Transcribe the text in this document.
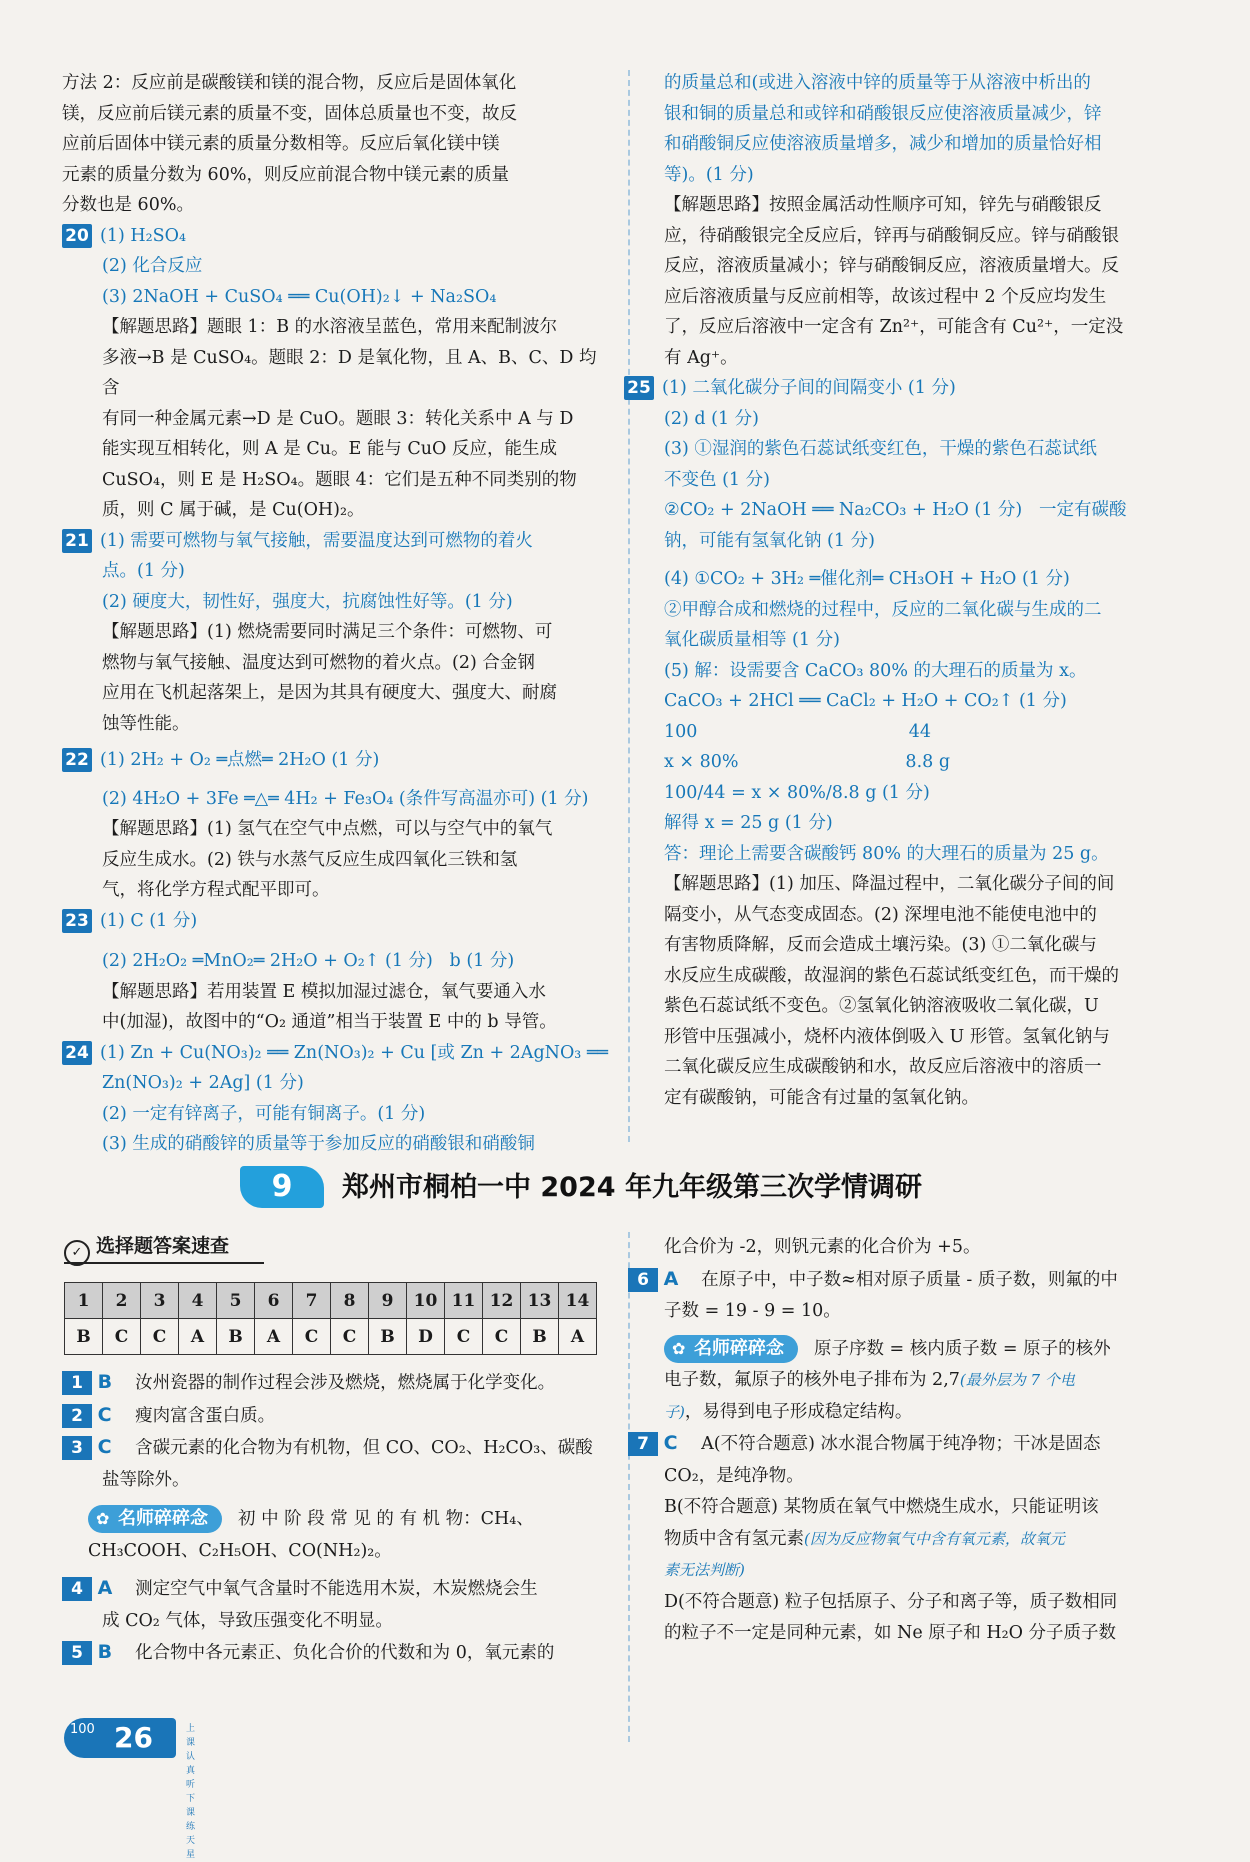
方法 2：反应前是碳酸镁和镁的混合物，反应后是固体氧化
镁，反应前后镁元素的质量不变，固体总质量也不变，故反
应前后固体中镁元素的质量分数相等。反应后氧化镁中镁
元素的质量分数为 60%，则反应前混合物中镁元素的质量
分数也是 60%。
20 (1) H₂SO₄
(2) 化合反应
(3) 2NaOH + CuSO₄ ══ Cu(OH)₂↓ + Na₂SO₄
【解题思路】题眼 1：B 的水溶液呈蓝色，常用来配制波尔
多液→B 是 CuSO₄。题眼 2：D 是氧化物，且 A、B、C、D 均含
有同一种金属元素→D 是 CuO。题眼 3：转化关系中 A 与 D
能实现互相转化，则 A 是 Cu。E 能与 CuO 反应，能生成
CuSO₄，则 E 是 H₂SO₄。题眼 4：它们是五种不同类别的物
质，则 C 属于碱，是 Cu(OH)₂。
21 (1) 需要可燃物与氧气接触，需要温度达到可燃物的着火
点。(1 分)
(2) 硬度大，韧性好，强度大，抗腐蚀性好等。(1 分)
【解题思路】(1) 燃烧需要同时满足三个条件：可燃物、可
燃物与氧气接触、温度达到可燃物的着火点。(2) 合金钢
应用在飞机起落架上，是因为其具有硬度大、强度大、耐腐
蚀等性能。
22 (1) 2H₂ + O₂ ═点燃═ 2H₂O (1 分)
(2) 4H₂O + 3Fe ═△═ 4H₂ + Fe₃O₄ (条件写高温亦可) (1 分)
【解题思路】(1) 氢气在空气中点燃，可以与空气中的氧气
反应生成水。(2) 铁与水蒸气反应生成四氧化三铁和氢
气，将化学方程式配平即可。
23 (1) C (1 分)
(2) 2H₂O₂ ═MnO₂═ 2H₂O + O₂↑ (1 分)   b (1 分)
【解题思路】若用装置 E 模拟加湿过滤仓，氧气要通入水
中(加湿)，故图中的“O₂ 通道”相当于装置 E 中的 b 导管。
24 (1) Zn + Cu(NO₃)₂ ══ Zn(NO₃)₂ + Cu [或 Zn + 2AgNO₃ ══
Zn(NO₃)₂ + 2Ag] (1 分)
(2) 一定有锌离子，可能有铜离子。(1 分)
(3) 生成的硝酸锌的质量等于参加反应的硝酸银和硝酸铜
的质量总和(或进入溶液中锌的质量等于从溶液中析出的
银和铜的质量总和或锌和硝酸银反应使溶液质量减少，锌
和硝酸铜反应使溶液质量增多，减少和增加的质量恰好相
等)。(1 分)
【解题思路】按照金属活动性顺序可知，锌先与硝酸银反
应，待硝酸银完全反应后，锌再与硝酸铜反应。锌与硝酸银
反应，溶液质量减小；锌与硝酸铜反应，溶液质量增大。反
应后溶液质量与反应前相等，故该过程中 2 个反应均发生
了，反应后溶液中一定含有 Zn²⁺，可能含有 Cu²⁺，一定没
有 Ag⁺。
25 (1) 二氧化碳分子间的间隔变小 (1 分)
(2) d (1 分)
(3) ①湿润的紫色石蕊试纸变红色，干燥的紫色石蕊试纸
不变色 (1 分)
②CO₂ + 2NaOH ══ Na₂CO₃ + H₂O (1 分)   一定有碳酸
钠，可能有氢氧化钠 (1 分)
(4) ①CO₂ + 3H₂ ═催化剂═ CH₃OH + H₂O (1 分)
②甲醇合成和燃烧的过程中，反应的二氧化碳与生成的二
氧化碳质量相等 (1 分)
(5) 解：设需要含 CaCO₃ 80% 的大理石的质量为 x。
CaCO₃ + 2HCl ══ CaCl₂ + H₂O + CO₂↑ (1 分)
100                                      44
x × 80%                              8.8 g
100/44 = x × 80%/8.8 g (1 分)
解得 x = 25 g (1 分)
答：理论上需要含碳酸钙 80% 的大理石的质量为 25 g。
【解题思路】(1) 加压、降温过程中，二氧化碳分子间的间
隔变小，从气态变成固态。(2) 深埋电池不能使电池中的
有害物质降解，反而会造成土壤污染。(3) ①二氧化碳与
水反应生成碳酸，故湿润的紫色石蕊试纸变红色，而干燥的
紫色石蕊试纸不变色。②氢氧化钠溶液吸收二氧化碳，U
形管中压强减小，烧杯内液体倒吸入 U 形管。氢氧化钠与
二氧化碳反应生成碳酸钠和水，故反应后溶液中的溶质一
定有碳酸钠，可能含有过量的氢氧化钠。
9	郑州市桐柏一中 2024 年九年级第三次学情调研
✓ 选择题答案速查
1	2	3	4	5	6	7	8	9	10	11	12	13	14
B	C	C	A	B	A	C	C	B	D	C	C	B	A
1 B 汝州瓷器的制作过程会涉及燃烧，燃烧属于化学变化。
2 C 瘦肉富含蛋白质。
3 C 含碳元素的化合物为有机物，但 CO、CO₂、H₂CO₃、碳酸
盐等除外。
✿ 名师碎碎念 初 中 阶 段 常 见 的 有 机 物：CH₄、
CH₃COOH、C₂H₅OH、CO(NH₂)₂。
4 A 测定空气中氧气含量时不能选用木炭，木炭燃烧会生
成 CO₂ 气体，导致压强变化不明显。
5 B 化合物中各元素正、负化合价的代数和为 0，氧元素的
化合价为 -2，则钒元素的化合价为 +5。
6 A 在原子中，中子数≈相对原子质量 - 质子数，则氟的中
子数 = 19 - 9 = 10。
✿ 名师碎碎念 原子序数 = 核内质子数 = 原子的核外
电子数，氟原子的核外电子排布为 2,7(最外层为 7 个电
子)，易得到电子形成稳定结构。
7 C A(不符合题意) 冰水混合物属于纯净物；干冰是固态
CO₂，是纯净物。
B(不符合题意) 某物质在氧气中燃烧生成水，只能证明该
物质中含有氢元素(因为反应物氧气中含有氧元素，故氧元
素无法判断)
D(不符合题意) 粒子包括原子、分子和离子等，质子数相同
的粒子不一定是同种元素，如 Ne 原子和 H₂O 分子质子数
100 26	上课认真听
下课练天星
